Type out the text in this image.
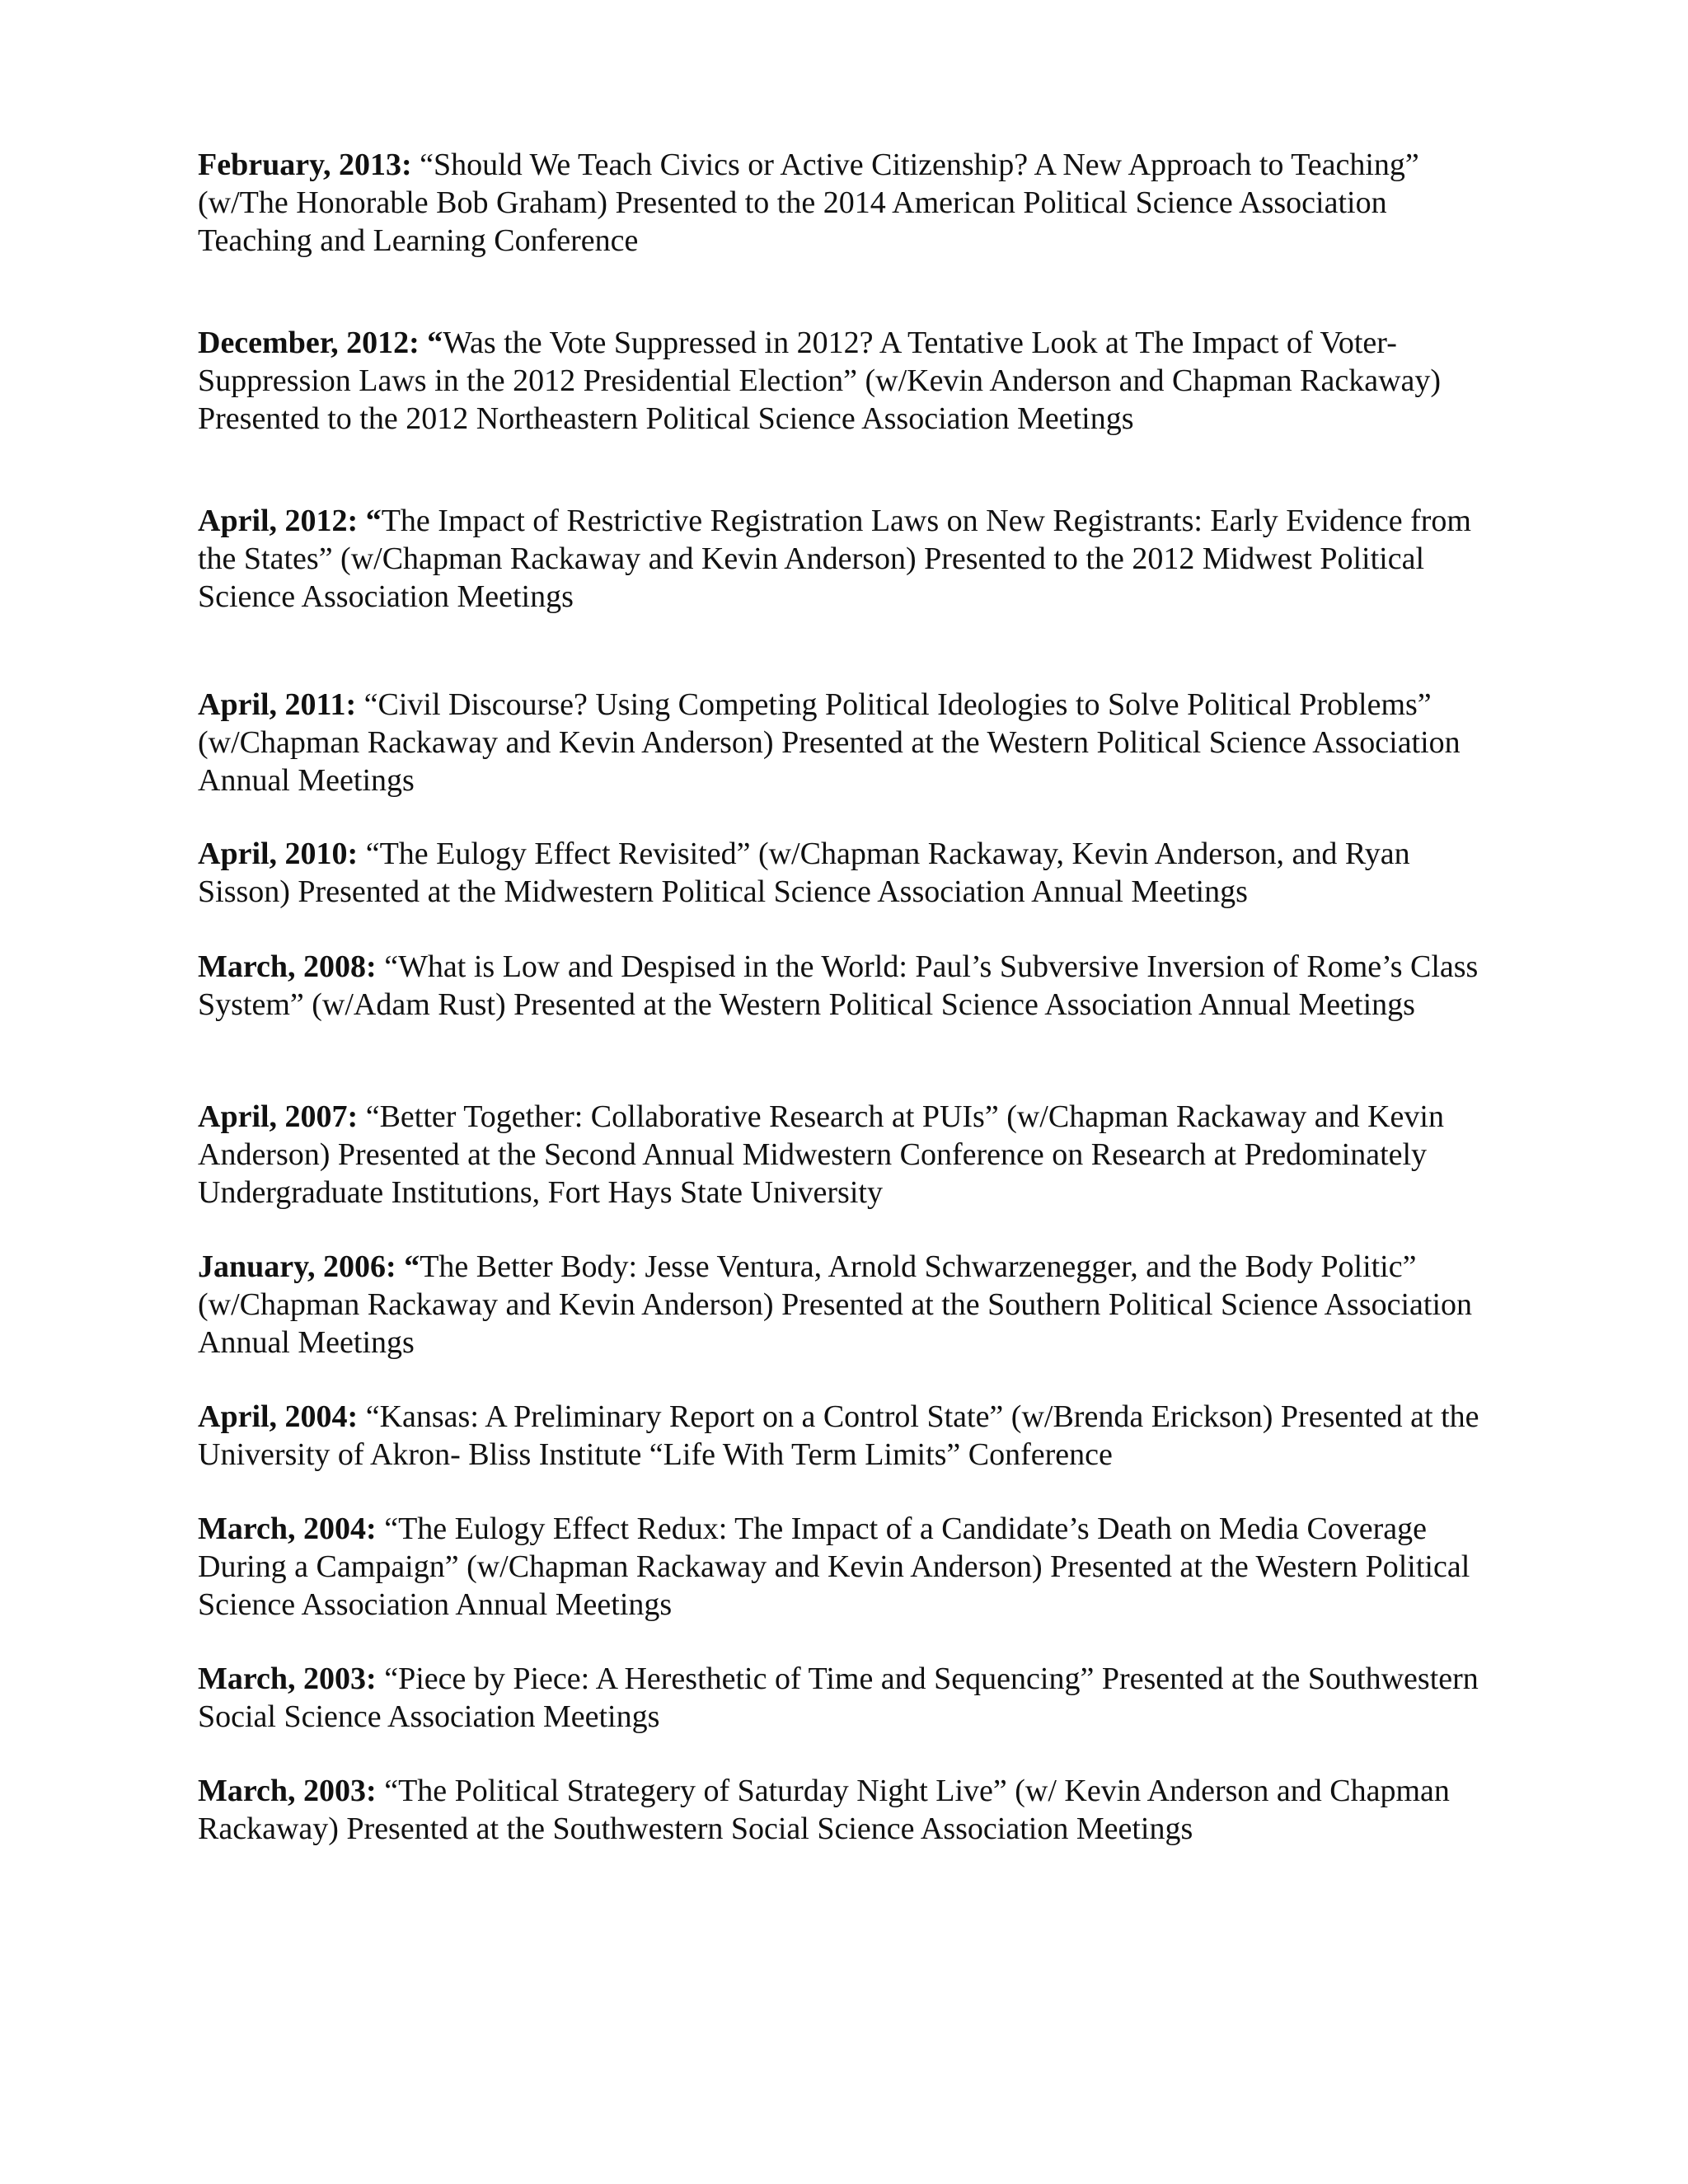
February, 2013: “Should We Teach Civics or Active Citizenship? A New Approach to Teaching” (w/The Honorable Bob Graham) Presented to the 2014 American Political Science Association Teaching and Learning Conference

December, 2012: “Was the Vote Suppressed in 2012? A Tentative Look at The Impact of Voter-Suppression Laws in the 2012 Presidential Election” (w/Kevin Anderson and Chapman Rackaway) Presented to the 2012 Northeastern Political Science Association Meetings

April, 2012: “The Impact of Restrictive Registration Laws on New Registrants: Early Evidence from the States” (w/Chapman Rackaway and Kevin Anderson) Presented to the 2012 Midwest Political Science Association Meetings

April, 2011: “Civil Discourse? Using Competing Political Ideologies to Solve Political Problems” (w/Chapman Rackaway and Kevin Anderson) Presented at the Western Political Science Association Annual Meetings

April, 2010: “The Eulogy Effect Revisited” (w/Chapman Rackaway, Kevin Anderson, and Ryan Sisson) Presented at the Midwestern Political Science Association Annual Meetings

March, 2008: “What is Low and Despised in the World: Paul’s Subversive Inversion of Rome’s Class System” (w/Adam Rust) Presented at the Western Political Science Association Annual Meetings

April, 2007: “Better Together: Collaborative Research at PUIs” (w/Chapman Rackaway and Kevin Anderson) Presented at the Second Annual Midwestern Conference on Research at Predominately Undergraduate Institutions, Fort Hays State University

January, 2006: “The Better Body: Jesse Ventura, Arnold Schwarzenegger, and the Body Politic” (w/Chapman Rackaway and Kevin Anderson) Presented at the Southern Political Science Association Annual Meetings

April, 2004: “Kansas: A Preliminary Report on a Control State” (w/Brenda Erickson) Presented at the University of Akron- Bliss Institute “Life With Term Limits” Conference

March, 2004: “The Eulogy Effect Redux: The Impact of a Candidate’s Death on Media Coverage During a Campaign” (w/Chapman Rackaway and Kevin Anderson) Presented at the Western Political Science Association Annual Meetings

March, 2003: “Piece by Piece: A Heresthetic of Time and Sequencing” Presented at the Southwestern Social Science Association Meetings

March, 2003: “The Political Strategery of Saturday Night Live” (w/ Kevin Anderson and Chapman Rackaway) Presented at the Southwestern Social Science Association Meetings
